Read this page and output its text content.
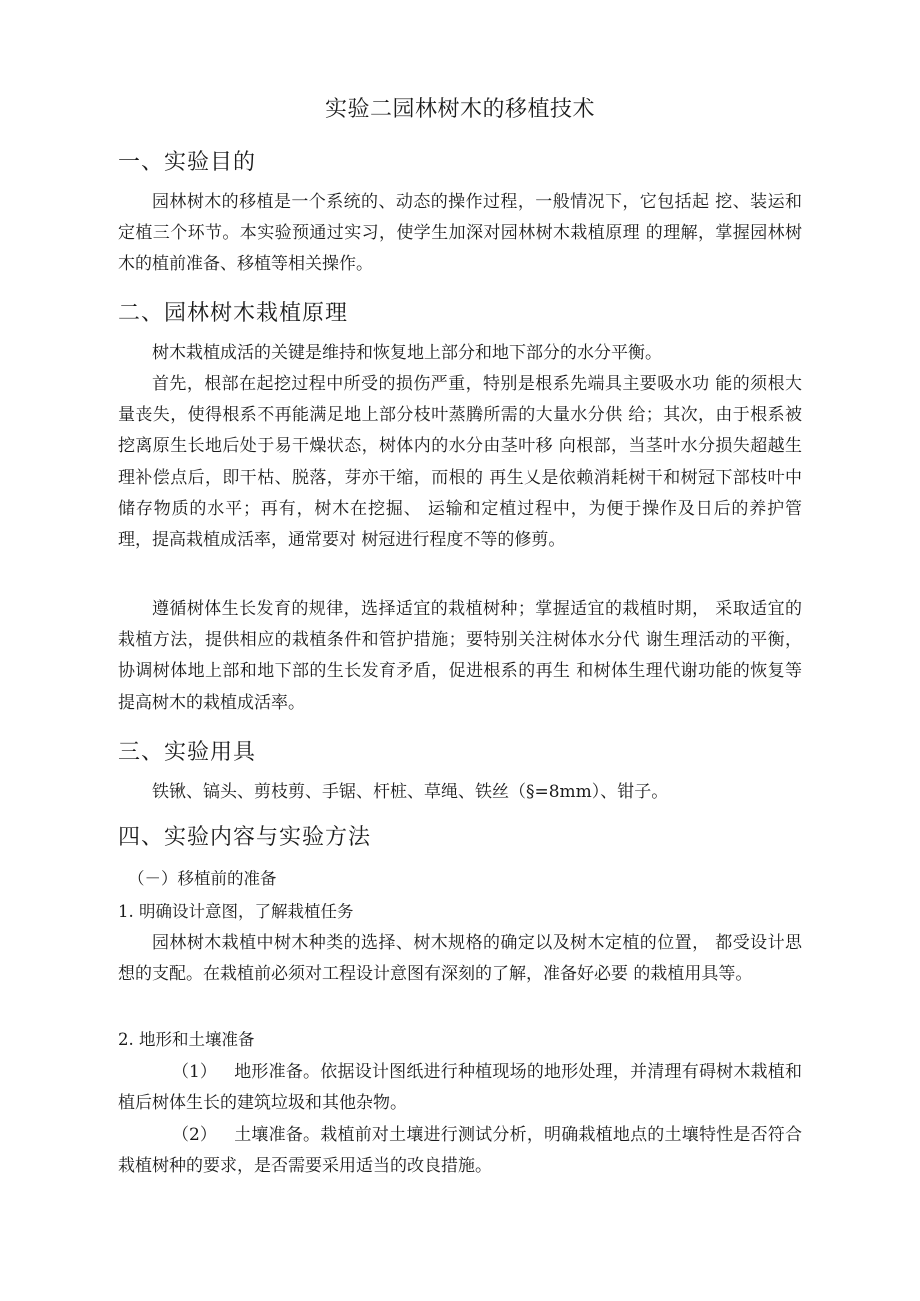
实验二园林树木的移植技术
一、实验目的
园林树木的移植是一个系统的、动态的操作过程，一般情况下，它包括起 挖、装运和定植三个环节。本实验预通过实习，使学生加深对园林树木栽植原理 的理解，掌握园林树木的植前准备、移植等相关操作。
二、园林树木栽植原理
树木栽植成活的关键是维持和恢复地上部分和地下部分的水分平衡。
首先，根部在起挖过程中所受的损伤严重，特别是根系先端具主要吸水功 能的须根大量丧失，使得根系不再能满足地上部分枝叶蒸腾所需的大量水分供 给；其次，由于根系被挖离原生长地后处于易干燥状态，树体内的水分由茎叶移 向根部，当茎叶水分损失超越生理补偿点后，即干枯、脱落，芽亦干缩，而根的 再生乂是依赖消耗树干和树冠下部枝叶中储存物质的水平；再有，树木在挖掘、 运输和定植过程中，为便于操作及日后的养护管理，提高栽植成活率，通常要对 树冠进行程度不等的修剪。
遵循树体生长发育的规律，选择适宜的栽植树种；掌握适宜的栽植时期， 采取适宜的栽植方法，提供相应的栽植条件和管护措施；要特别关注树体水分代 谢生理活动的平衡，协调树体地上部和地下部的生长发育矛盾，促进根系的再生 和树体生理代谢功能的恢复等提高树木的栽植成活率。
三、实验用具
铁锹、镐头、剪枝剪、手锯、杆桩、草绳、铁丝（§=8mm）、钳子。
四、实验内容与实验方法
（－）移植前的准备
1. 明确设计意图，了解栽植任务
园林树木栽植中树木种类的选择、树木规格的确定以及树木定植的位置， 都受设计思想的支配。在栽植前必须对工程设计意图有深刻的了解，准备好必要 的栽植用具等。
2. 地形和土壤准备
（1） 地形准备。依据设计图纸进行种植现场的地形处理，并清理有碍树木栽植和植后树体生长的建筑垃圾和其他杂物。
（2） 土壤准备。栽植前对土壤进行测试分析，明确栽植地点的土壤特性是否符合栽植树种的要求，是否需要采用适当的改良措施。
